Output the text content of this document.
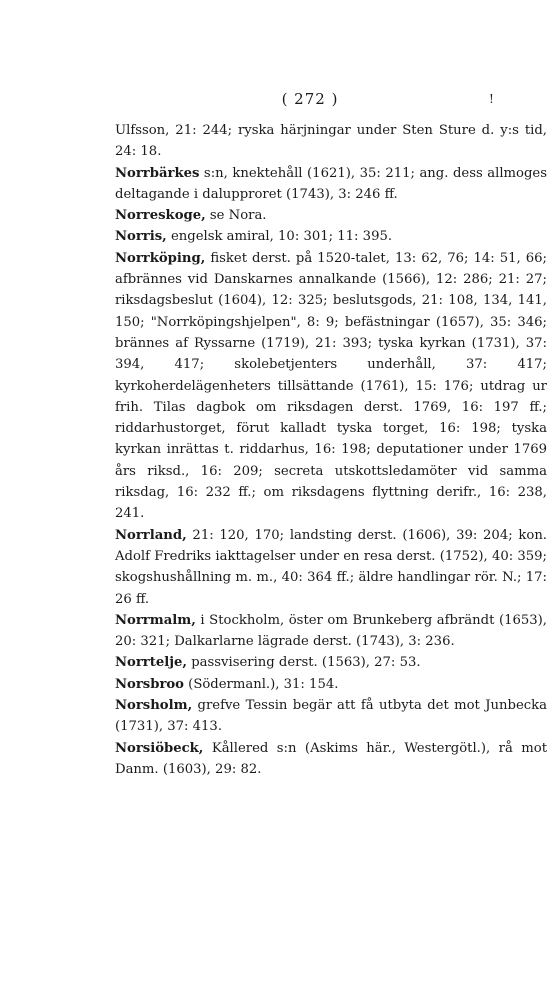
( 272 )	!

Ulfsson, 21: 244; ryska härjningar under Sten Sture d. y:s tid, 24: 18.

Norrbärkes s:n, knektehåll (1621), 35: 211; ang. dess allmoges deltagande i dalupproret (1743), 3: 246 ff.

Norreskoge, se Nora.

Norris, engelsk amiral, 10: 301; 11: 395.

Norrköping, fisket derst. på 1520-talet, 13: 62, 76; 14: 51, 66; afbrännes vid Danskarnes annalkande (1566), 12: 286; 21: 27; riksdagsbeslut (1604), 12: 325; beslutsgods, 21: 108, 134, 141, 150; "Norrköpingshjelpen", 8: 9; befästningar (1657), 35: 346; brännes af Ryssarne (1719), 21: 393; tyska kyrkan (1731), 37: 394, 417; skolebetjenters underhåll, 37: 417; kyrkoherdelägenheters tillsättande (1761), 15: 176; utdrag ur frih. Tilas dagbok om riksdagen derst. 1769, 16: 197 ff.; riddarhustorget, förut kalladt tyska torget, 16: 198; tyska kyrkan inrättas t. riddarhus, 16: 198; deputationer under 1769 års riksd., 16: 209; secreta utskottsledamöter vid samma riksdag, 16: 232 ff.; om riksdagens flyttning derifr., 16: 238, 241.

Norrland, 21: 120, 170; landsting derst. (1606), 39: 204; kon. Adolf Fredriks iakttagelser under en resa derst. (1752), 40: 359; skogshushållning m. m., 40: 364 ff.; äldre handlingar rör. N.; 17: 26 ff.

Norrmalm, i Stockholm, öster om Brunkeberg afbrändt (1653), 20: 321; Dalkarlarne lägrade derst. (1743), 3: 236.

Norrtelje, passvisering derst. (1563), 27: 53.

Norsbroo (Södermanl.), 31: 154.

Norsholm, grefve Tessin begär att få utbyta det mot Junbecka (1731), 37: 413.

Norsiöbeck, Kållered s:n (Askims här., Westergötl.), rå mot Danm. (1603), 29: 82.
